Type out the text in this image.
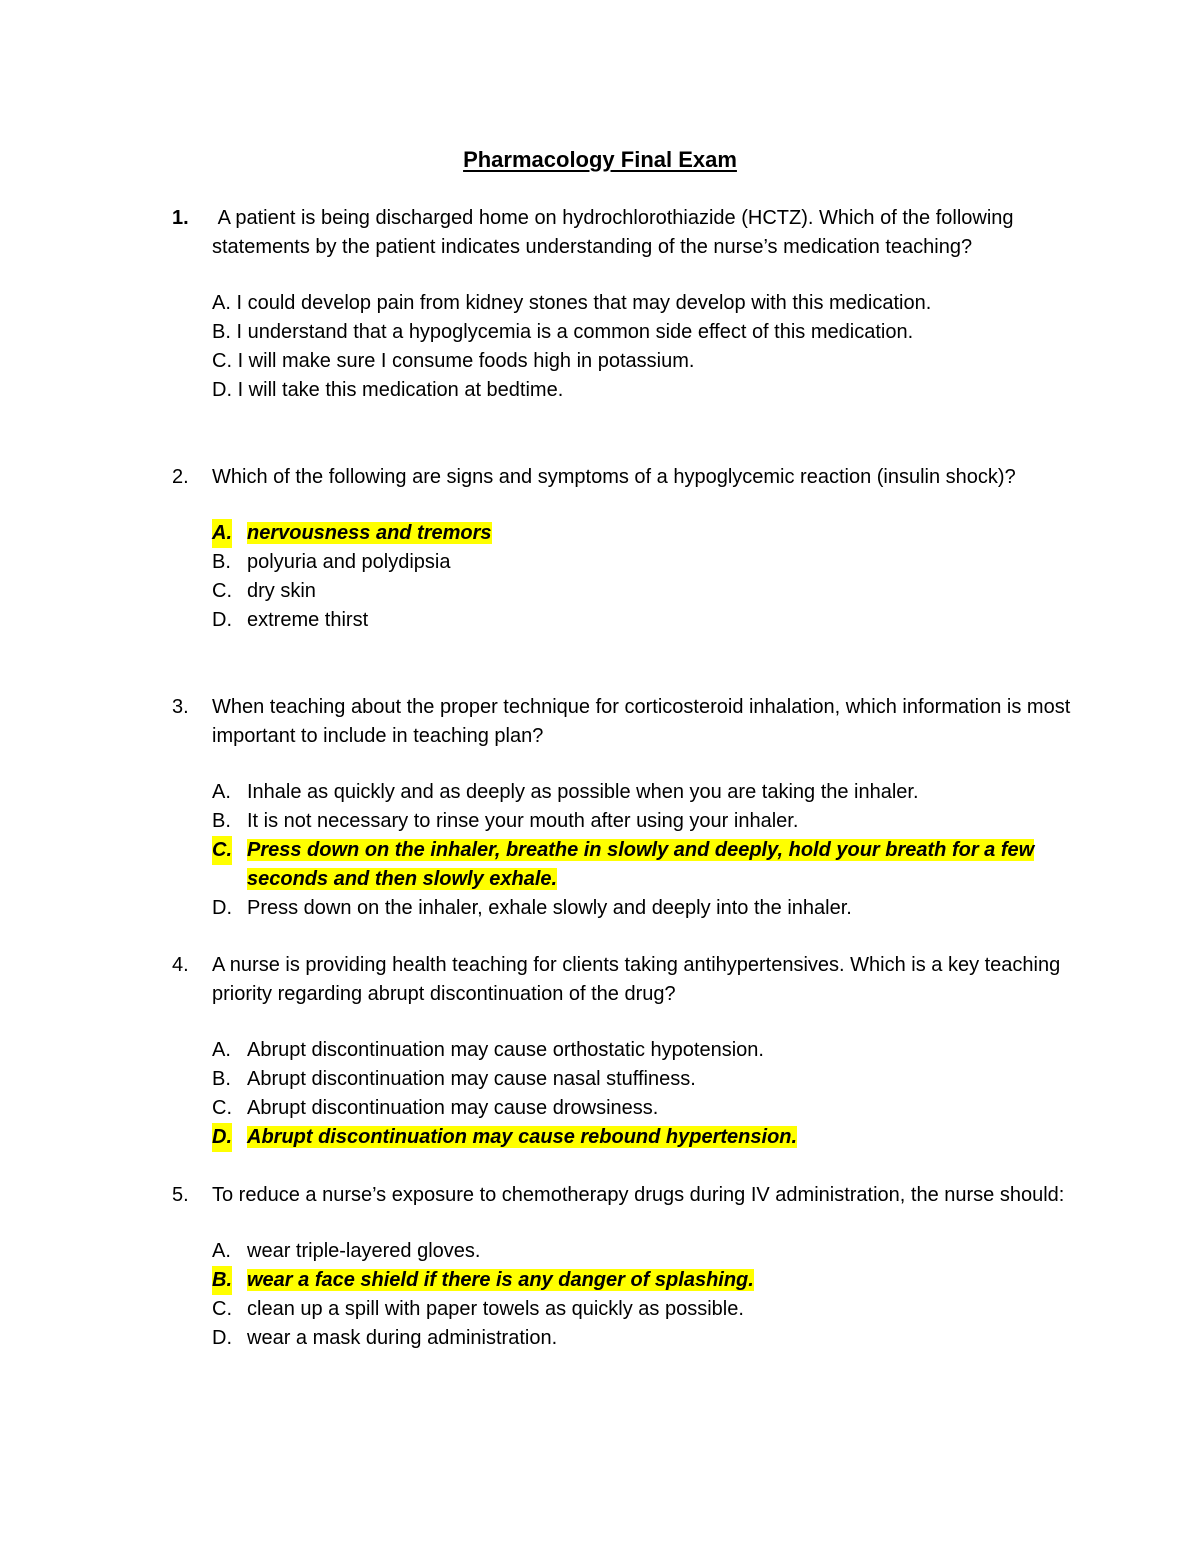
Pharmacology Final Exam
1.	A patient is being discharged home on hydrochlorothiazide (HCTZ). Which of the following statements by the patient indicates understanding of the nurse’s medication teaching?
A. I could develop pain from kidney stones that may develop with this medication.
B. I understand that a hypoglycemia is a common side effect of this medication.
C. I will make sure I consume foods high in potassium.
D. I will take this medication at bedtime.
2.	Which of the following are signs and symptoms of a hypoglycemic reaction (insulin shock)?
A. nervousness and tremors
B. polyuria and polydipsia
C. dry skin
D. extreme thirst
3.	When teaching about the proper technique for corticosteroid inhalation, which information is most important to include in teaching plan?
A. Inhale as quickly and as deeply as possible when you are taking the inhaler.
B. It is not necessary to rinse your mouth after using your inhaler.
C. Press down on the inhaler, breathe in slowly and deeply, hold your breath for a few seconds and then slowly exhale.
D. Press down on the inhaler, exhale slowly and deeply into the inhaler.
4.	A nurse is providing health teaching for clients taking antihypertensives. Which is a key teaching priority regarding abrupt discontinuation of the drug?
A. Abrupt discontinuation may cause orthostatic hypotension.
B. Abrupt discontinuation may cause nasal stuffiness.
C. Abrupt discontinuation may cause drowsiness.
D. Abrupt discontinuation may cause rebound hypertension.
5.	To reduce a nurse’s exposure to chemotherapy drugs during IV administration, the nurse should:
A. wear triple-layered gloves.
B. wear a face shield if there is any danger of splashing.
C. clean up a spill with paper towels as quickly as possible.
D. wear a mask during administration.
